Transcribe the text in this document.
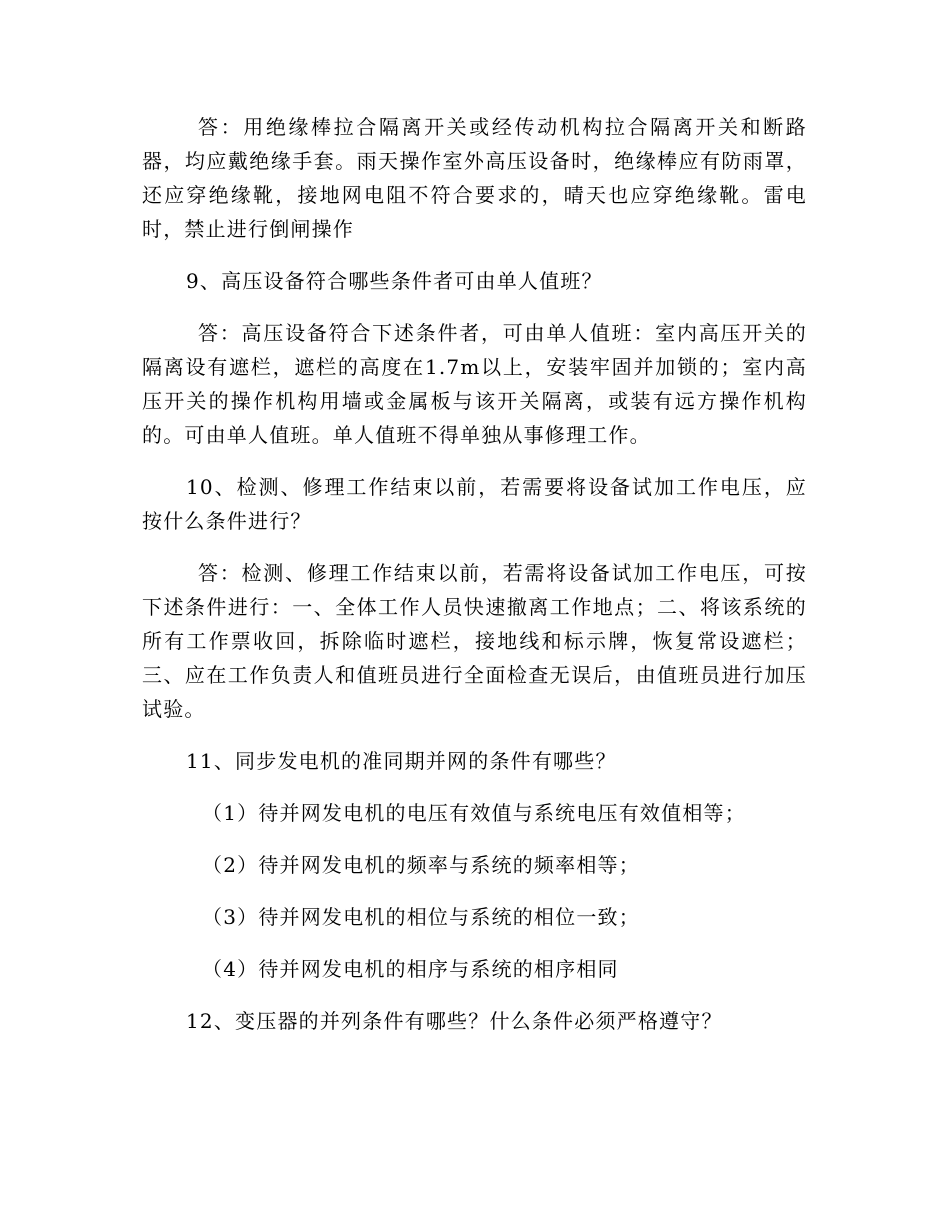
答：用绝缘棒拉合隔离开关或经传动机构拉合隔离开关和断路器，均应戴绝缘手套。雨天操作室外高压设备时，绝缘棒应有防雨罩，还应穿绝缘靴，接地网电阻不符合要求的，晴天也应穿绝缘靴。雷电时，禁止进行倒闸操作

9、高压设备符合哪些条件者可由单人值班？

答：高压设备符合下述条件者，可由单人值班：室内高压开关的隔离设有遮栏，遮栏的高度在1.7m以上，安装牢固并加锁的；室内高压开关的操作机构用墙或金属板与该开关隔离，或装有远方操作机构的。可由单人值班。单人值班不得单独从事修理工作。

10、检测、修理工作结束以前，若需要将设备试加工作电压，应按什么条件进行？

答：检测、修理工作结束以前，若需将设备试加工作电压，可按下述条件进行：一、全体工作人员快速撤离工作地点；二、将该系统的所有工作票收回，拆除临时遮栏，接地线和标示牌，恢复常设遮栏；三、应在工作负责人和值班员进行全面检查无误后，由值班员进行加压试验。

11、同步发电机的准同期并网的条件有哪些？

（1）待并网发电机的电压有效值与系统电压有效值相等；

（2）待并网发电机的频率与系统的频率相等；

（3）待并网发电机的相位与系统的相位一致；

（4）待并网发电机的相序与系统的相序相同

12、变压器的并列条件有哪些？什么条件必须严格遵守？
